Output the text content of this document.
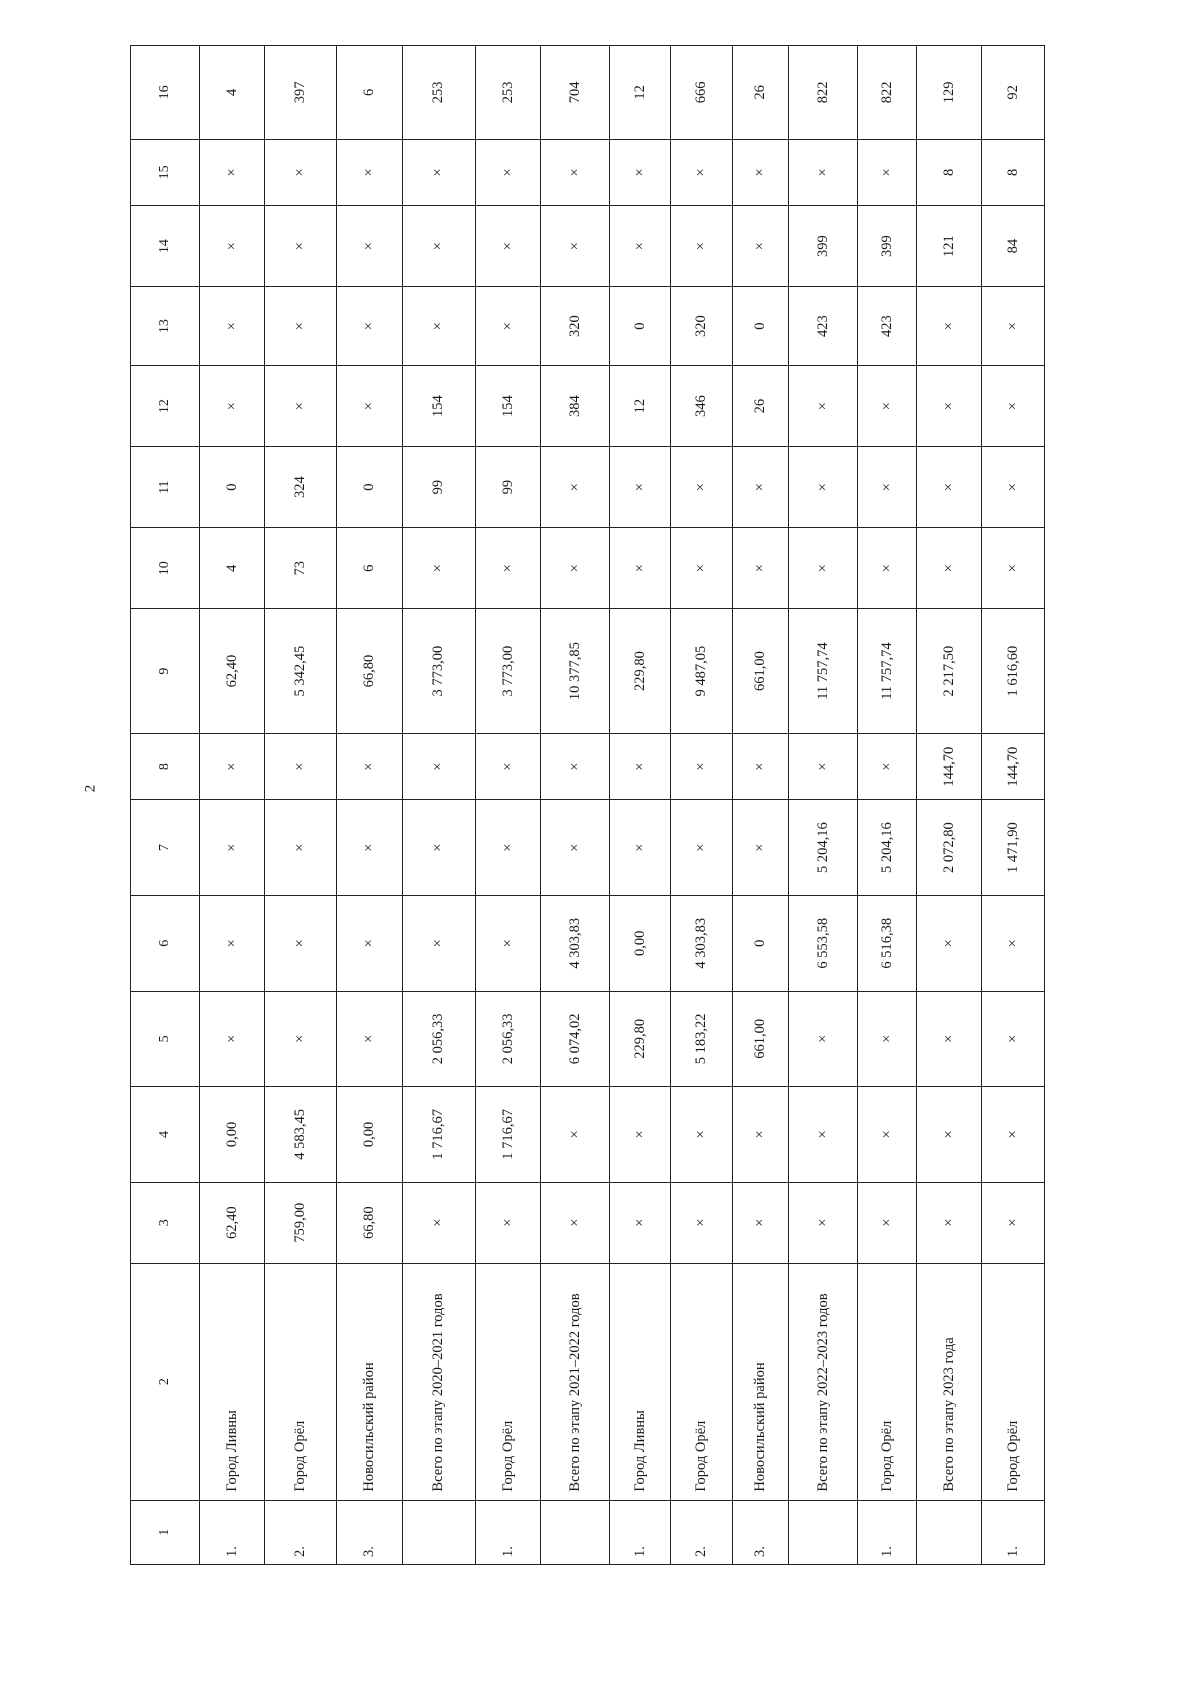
2
1	2	3	4	5	6	7	8	9	10	11	12	13	14	15	16
1.	Город Ливны	62,40	0,00	×	×	×	×	62,40	4	0	×	×	×	×	4
2.	Город Орёл	759,00	4 583,45	×	×	×	×	5 342,45	73	324	×	×	×	×	397
3.	Новосильский район	66,80	0,00	×	×	×	×	66,80	6	0	×	×	×	×	6
	Всего по этапу 2020–2021 годов	×	1 716,67	2 056,33	×	×	×	3 773,00	×	99	154	×	×	×	253
1.	Город Орёл	×	1 716,67	2 056,33	×	×	×	3 773,00	×	99	154	×	×	×	253
	Всего по этапу 2021–2022 годов	×	×	6 074,02	4 303,83	×	×	10 377,85	×	×	384	320	×	×	704
1.	Город Ливны	×	×	229,80	0,00	×	×	229,80	×	×	12	0	×	×	12
2.	Город Орёл	×	×	5 183,22	4 303,83	×	×	9 487,05	×	×	346	320	×	×	666
3.	Новосильский район	×	×	661,00	0	×	×	661,00	×	×	26	0	×	×	26
	Всего по этапу 2022–2023 годов	×	×	×	6 553,58	5 204,16	×	11 757,74	×	×	×	423	399	×	822
1.	Город Орёл	×	×	×	6 516,38	5 204,16	×	11 757,74	×	×	×	423	399	×	822
	Всего по этапу 2023 года	×	×	×	×	2 072,80	144,70	2 217,50	×	×	×	×	121	8	129
1.	Город Орёл	×	×	×	×	1 471,90	144,70	1 616,60	×	×	×	×	84	8	92
